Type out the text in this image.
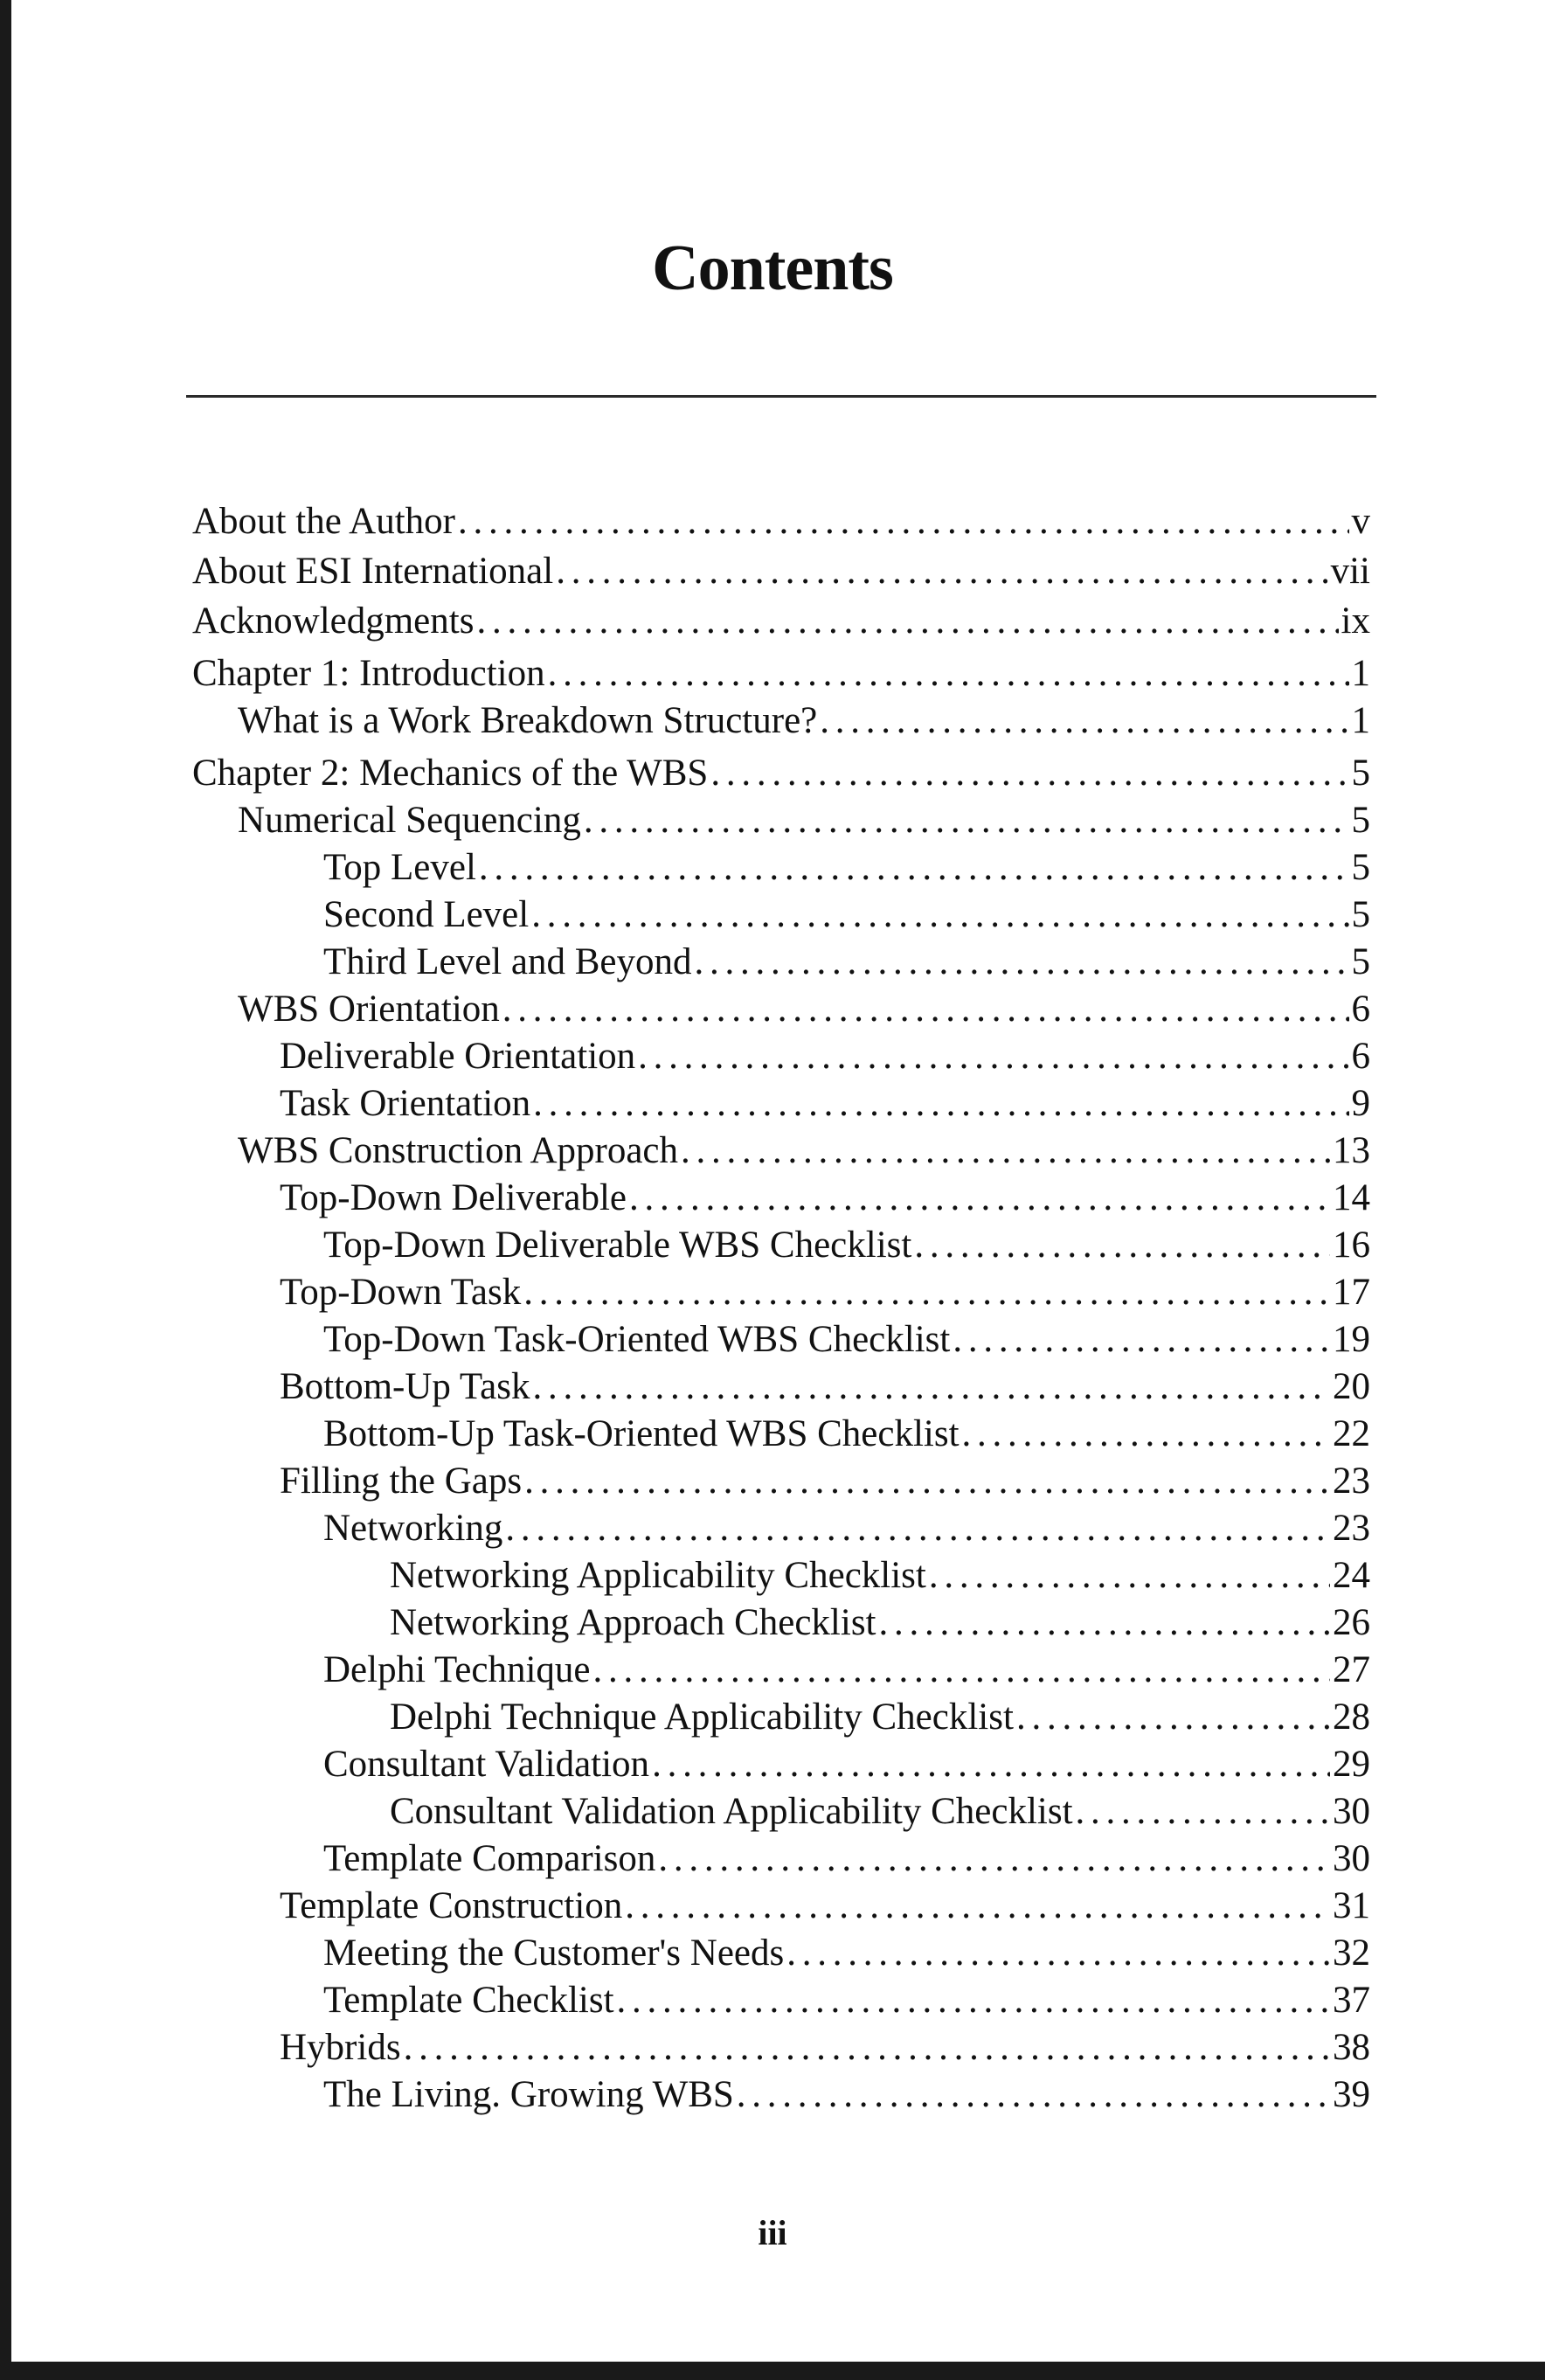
Contents
About the Author . . .	v
About ESI International . . .	vii
Acknowledgments . . .	ix
Chapter 1: Introduction . . .	1
What is a Work Breakdown Structure? . . .	1
Chapter 2: Mechanics of the WBS . . .	5
Numerical Sequencing . . .	5
Top Level . . .	5
Second Level . . .	5
Third Level and Beyond . . .	5
WBS Orientation . . .	6
Deliverable Orientation . . .	6
Task Orientation . . .	9
WBS Construction Approach . . .	13
Top-Down Deliverable . . .	14
Top-Down Deliverable WBS Checklist . . .	16
Top-Down Task . . .	17
Top-Down Task-Oriented WBS Checklist . . .	19
Bottom-Up Task . . .	20
Bottom-Up Task-Oriented WBS Checklist . . .	22
Filling the Gaps . . .	23
Networking . . .	23
Networking Applicability Checklist . . .	24
Networking Approach Checklist . . .	26
Delphi Technique . . .	27
Delphi Technique Applicability Checklist . . .	28
Consultant Validation . . .	29
Consultant Validation Applicability Checklist . . .	30
Template Comparison . . .	30
Template Construction . . .	31
Meeting the Customer's Needs . . .	32
Template Checklist . . .	37
Hybrids . . .	38
The Living. Growing WBS . . .	39
iii
